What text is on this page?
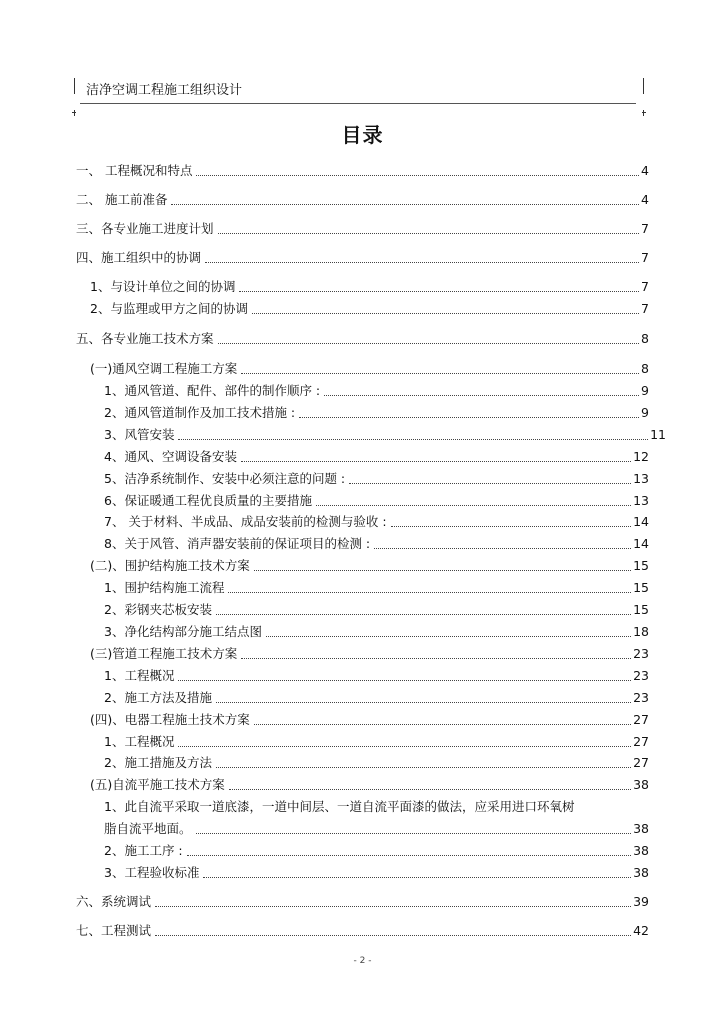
洁净空调工程施工组织设计
目录
一、 工程概况和特点	4
二、 施工前准备	4
三、各专业施工进度计划	7
四、施工组织中的协调	7
1、与设计单位之间的协调	7
2、与监理或甲方之间的协调	7
五、各专业施工技术方案	8
(一)通风空调工程施工方案	8
1、通风管道、配件、部件的制作顺序 :	9
2、通风管道制作及加工技术措施 :	9
3、风管安装	11
4、通风、空调设备安装	12
5、洁净系统制作、安装中必须注意的问题 :	13
6、保证暖通工程优良质量的主要措施	13
7、 关于材料、半成品、成品安装前的检测与验收 :	14
8、关于风管、消声器安装前的保证项目的检测 :	14
(二)、围护结构施工技术方案	15
1、围护结构施工流程	15
2、彩钢夹芯板安装	15
3、净化结构部分施工结点图	18
(三)管道工程施工技术方案	23
1、工程概况	23
2、施工方法及措施	23
(四)、电器工程施土技术方案	27
1、工程概况	27
2、施工措施及方法	27
(五)自流平施工技术方案	38
1、此自流平采取一道底漆，一道中间层、一道自流平面漆的做法，应采用进口环氧树
脂自流平地面。	38
2、施工工序 :	38
3、工程验收标准	38
六、系统调试	39
七、工程测试	42
- 2 -
